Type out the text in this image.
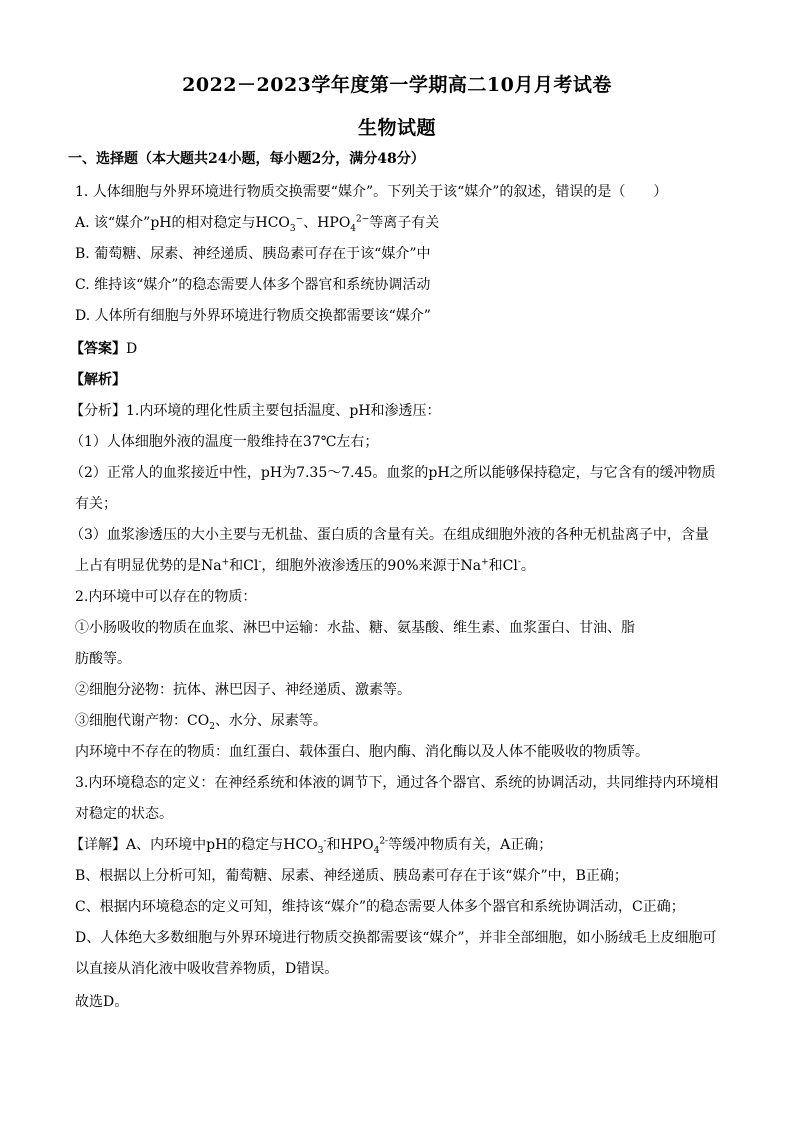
2022－2023学年度第一学期高二10月月考试卷
生物试题
一、选择题（本大题共24小题，每小题2分，满分48分）
1. 人体细胞与外界环境进行物质交换需要“媒介”。下列关于该“媒介”的叙述，错误的是（　　）
A. 该“媒介”pH的相对稳定与$HCO_3^-$、$HPO_4^{2-}$等离子有关
B. 葡萄糖、尿素、神经递质、胰岛素可存在于该“媒介”中
C. 维持该“媒介”的稳态需要人体多个器官和系统协调活动
D. 人体所有细胞与外界环境进行物质交换都需要该“媒介”
【答案】D
【解析】
【分析】1.内环境的理化性质主要包括温度、pH和渗透压：
（1）人体细胞外液的温度一般维持在37℃左右；
（2）正常人的血浆接近中性，pH为7.35～7.45。血浆的pH之所以能够保持稳定，与它含有的缓冲物质
有关；
（3）血浆渗透压的大小主要与无机盐、蛋白质的含量有关。在组成细胞外液的各种无机盐离子中，含量
上占有明显优势的是Na+和Cl-，细胞外液渗透压的90%来源于Na+和Cl-。
2.内环境中可以存在的物质：
①小肠吸收的物质在血浆、淋巴中运输：水盐、糖、氨基酸、维生素、血浆蛋白、甘油、脂
肪酸等。
②细胞分泌物：抗体、淋巴因子、神经递质、激素等。
③细胞代谢产物：$CO_2$、水分、尿素等。
内环境中不存在的物质：血红蛋白、载体蛋白、胞内酶、消化酶以及人体不能吸收的物质等。
3.内环境稳态的定义：在神经系统和体液的调节下，通过各个器官、系统的协调活动，共同维持内环境相
对稳定的状态。
【详解】A、内环境中pH的稳定与$HCO_3^-$和$HPO_4^{2-}$等缓冲物质有关，A正确；
B、根据以上分析可知，葡萄糖、尿素、神经递质、胰岛素可存在于该“媒介”中，B正确；
C、根据内环境稳态的定义可知，维持该“媒介”的稳态需要人体多个器官和系统协调活动，C正确；
D、人体绝大多数细胞与外界环境进行物质交换都需要该“媒介”，并非全部细胞，如小肠绒毛上皮细胞可
以直接从消化液中吸收营养物质，D错误。
故选D。
